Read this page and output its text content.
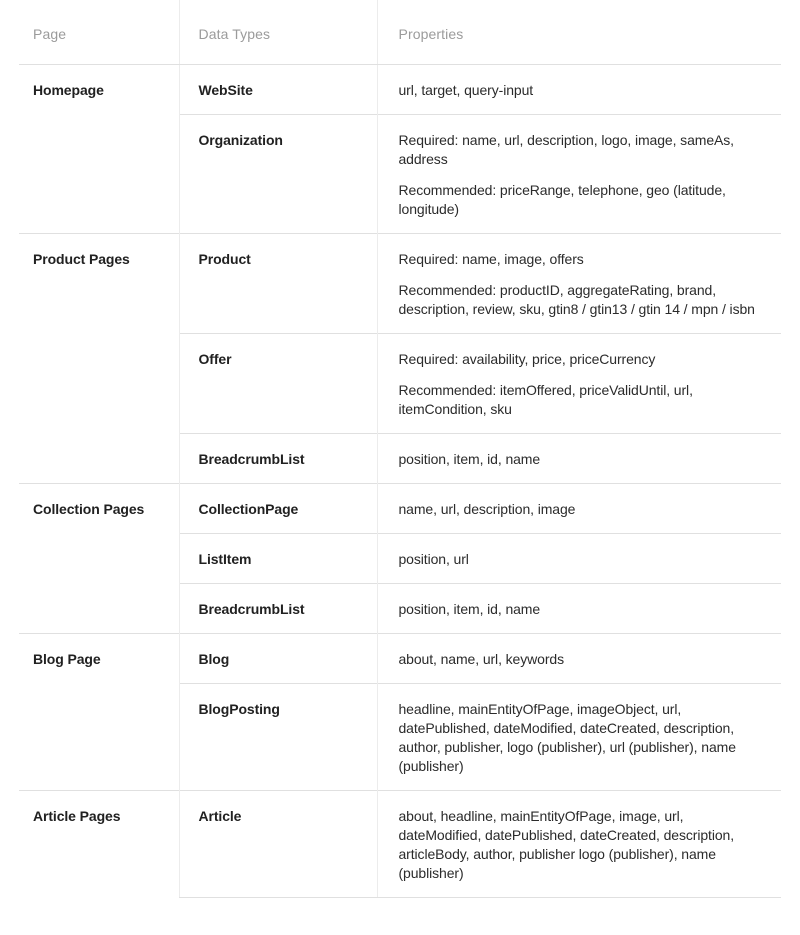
Page	Data Types	Properties
Homepage	WebSite	url, target, query-input

	Organization	Required: name, url, description, logo, image, sameAs, address

Recommended: priceRange, telephone, geo (latitude, longitude)

Product Pages	Product	Required: name, image, offers

Recommended: productID, aggregateRating, brand, description, review, sku, gtin8 / gtin13 / gtin 14 / mpn / isbn

	Offer	Required: availability, price, priceCurrency

Recommended: itemOffered, priceValidUntil, url, itemCondition, sku

	BreadcrumbList	position, item, id, name

Collection Pages	CollectionPage	name, url, description, image

	ListItem	position, url

	BreadcrumbList	position, item, id, name

Blog Page	Blog	about, name, url, keywords

	BlogPosting	headline, mainEntityOfPage, imageObject, url, datePublished, dateModified, dateCreated, description, author, publisher, logo (publisher), url (publisher), name (publisher)

Article Pages	Article	about, headline, mainEntityOfPage, image, url, dateModified, datePublished, dateCreated, description, articleBody, author, publisher logo (publisher), name (publisher)
